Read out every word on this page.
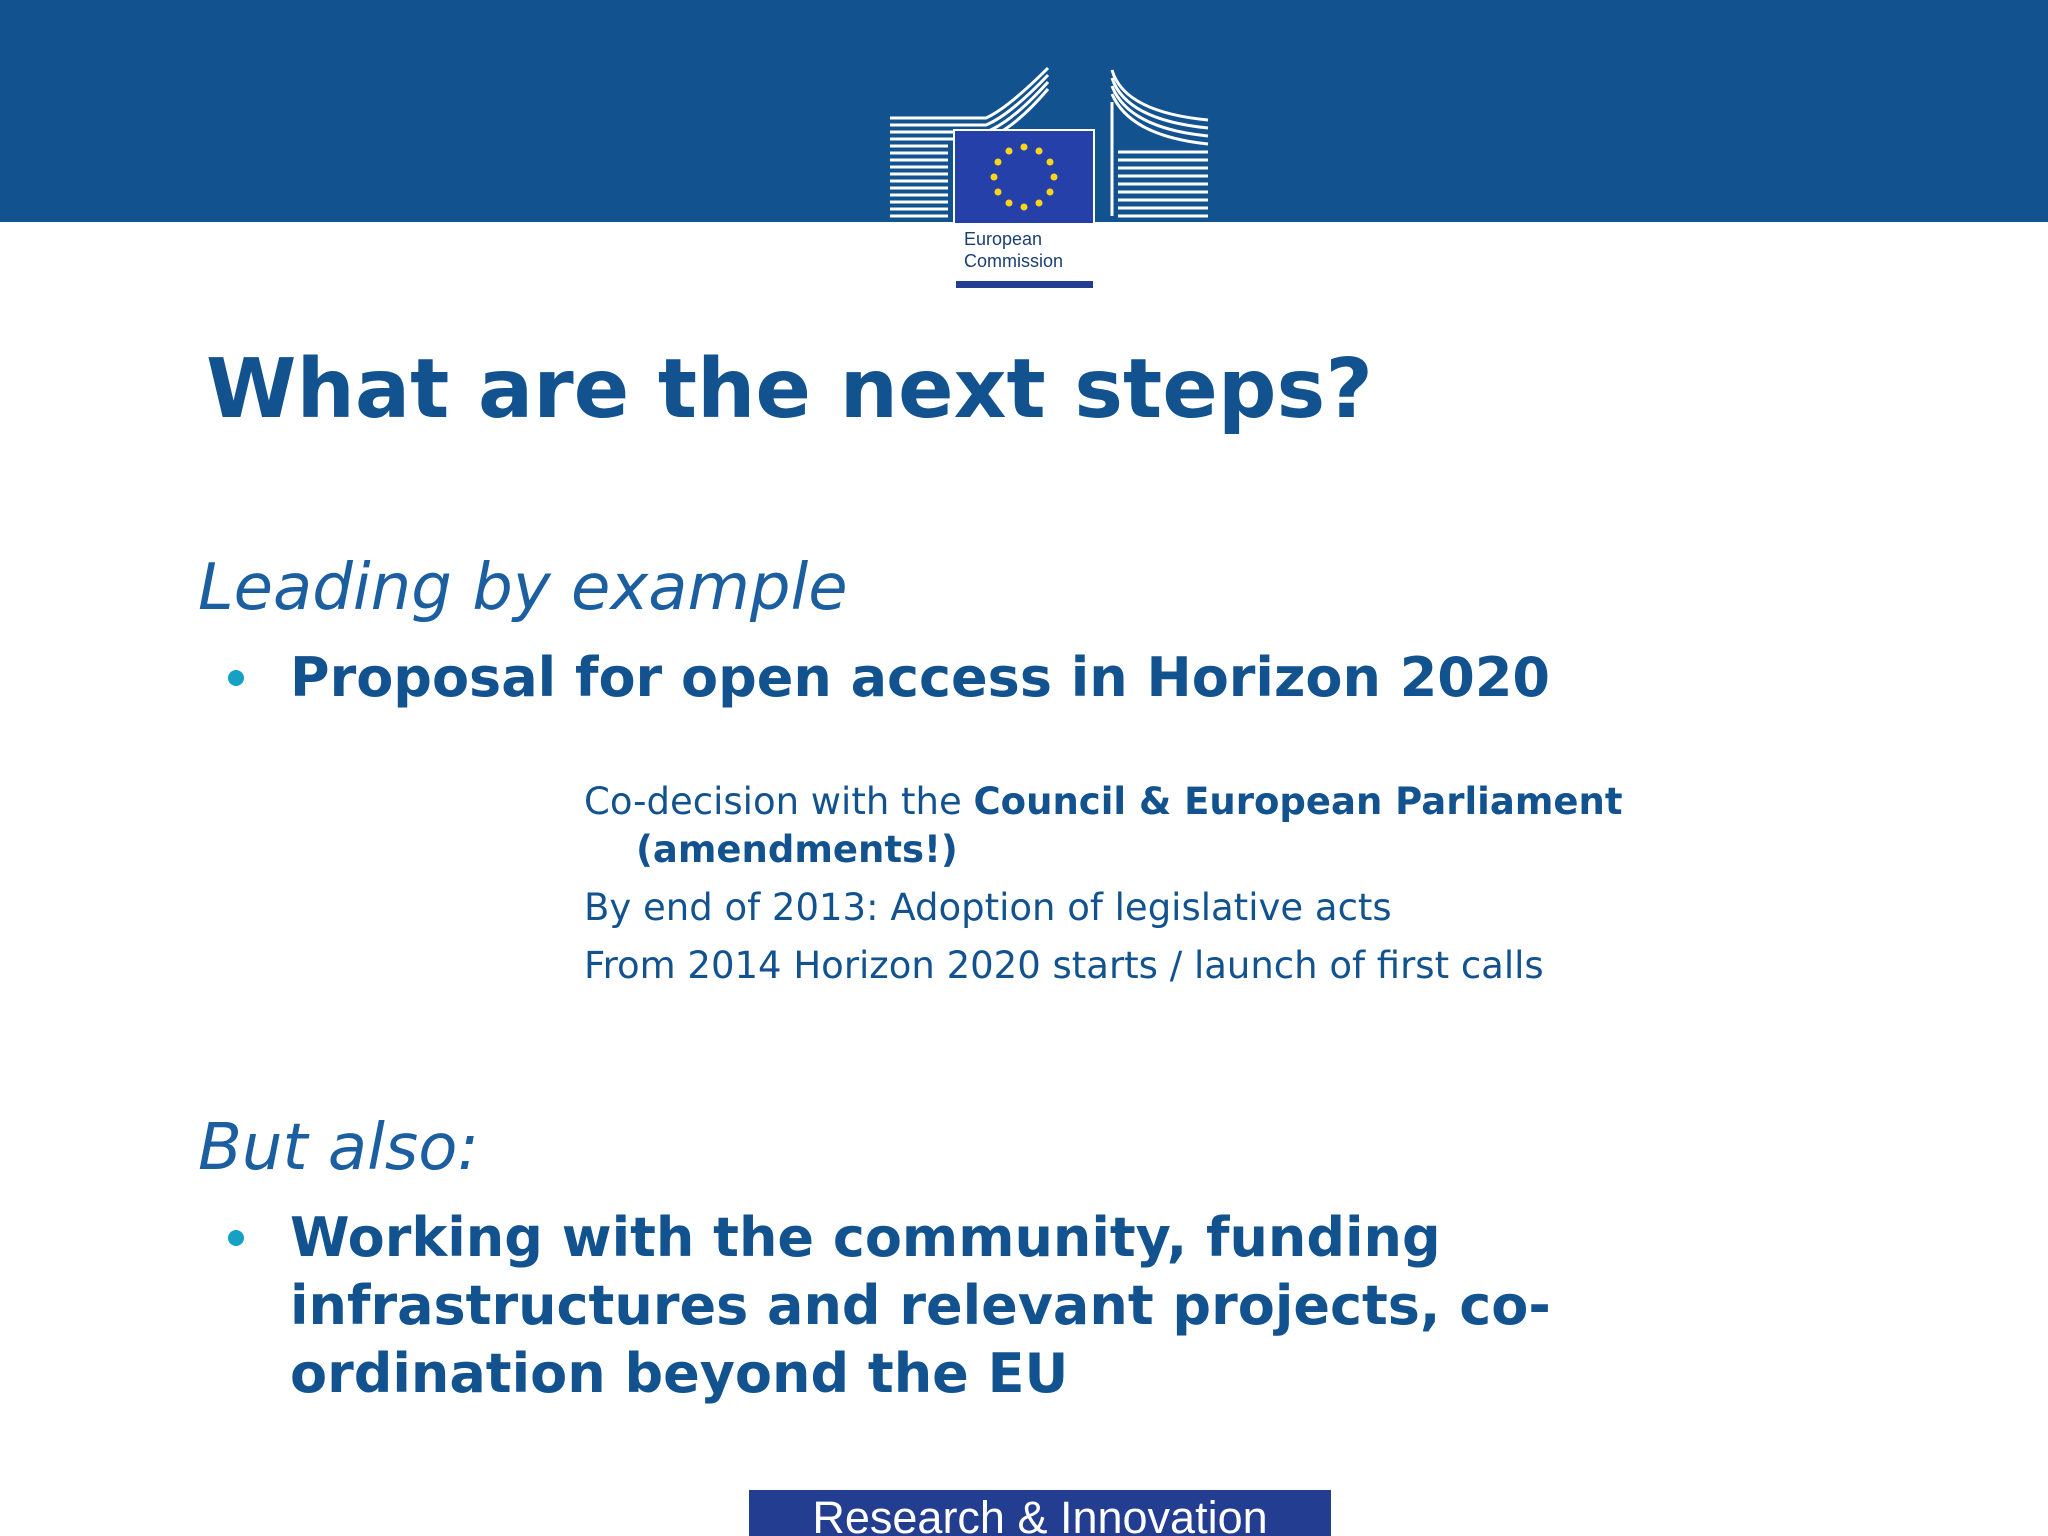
European
Commission
What are the next steps?
Leading by example

Proposal for open access in Horizon 2020

Co-decision with the Council & European Parliament
(amendments!)
By end of 2013: Adoption of legislative acts
From 2014 Horizon 2020 starts / launch of first calls
But also:
Working with the community, funding
infrastructures and relevant projects, co-
ordination beyond the EU
Research & Innovation
